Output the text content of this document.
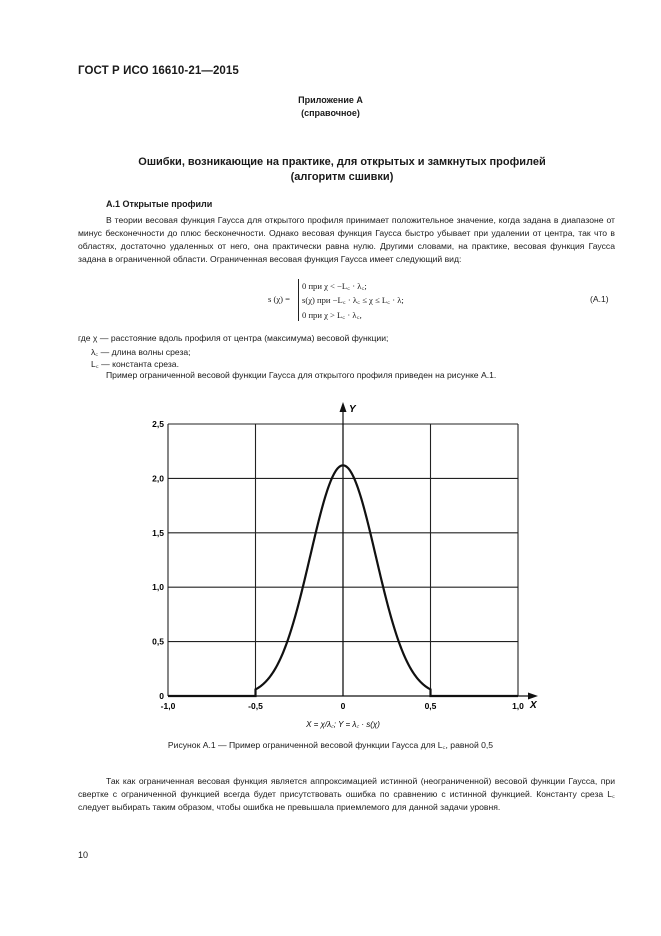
ГОСТ Р ИСО 16610-21—2015
Приложение А
(справочное)
Ошибки, возникающие на практике, для открытых и замкнутых профилей
(алгоритм сшивки)
А.1 Открытые профили

В теории весовая функция Гаусса для открытого профиля принимает положительное значение, когда задана в диапазоне от минус бесконечности до плюс бесконечности. Однако весовая функция Гаусса быстро убывает при удалении от центра, так что в областях, достаточно удаленных от него, она практически равна нулю. Другими словами, на практике, весовая функция Гаусса задана в ограниченной области. Ограниченная весовая функция Гаусса имеет следующий вид:

s (χ) =
0 при χ < −L꜀ · λ꜀;
s(χ) при −L꜀ · λ꜀ ≤ χ ≤ L꜀ · λ;
0 при χ > L꜀ · λ꜀,
(А.1)
где χ — расстояние вдоль профиля от центра (максимума) весовой функции;
λ꜀ — длина волны среза;
L꜀ — константа среза.
Пример ограниченной весовой функции Гаусса для открытого профиля приведен на рисунке А.1.
-1,0	-0,5	0	0,5	1,0
0
0,5
1,0
1,5
2,0
2,5
Y
X
X = χ/λ꜀; Y = λ꜀ · s(χ)
Рисунок А.1 — Пример ограниченной весовой функции Гаусса для L꜀, равной 0,5

Так как ограниченная весовая функция является аппроксимацией истинной (неограниченной) весовой функции Гаусса, при свертке с ограниченной функцией всегда будет присутствовать ошибка по сравнению с истинной функцией. Константу среза L꜀ следует выбирать таким образом, чтобы ошибка не превышала приемлемого для данной задачи уровня.

10
